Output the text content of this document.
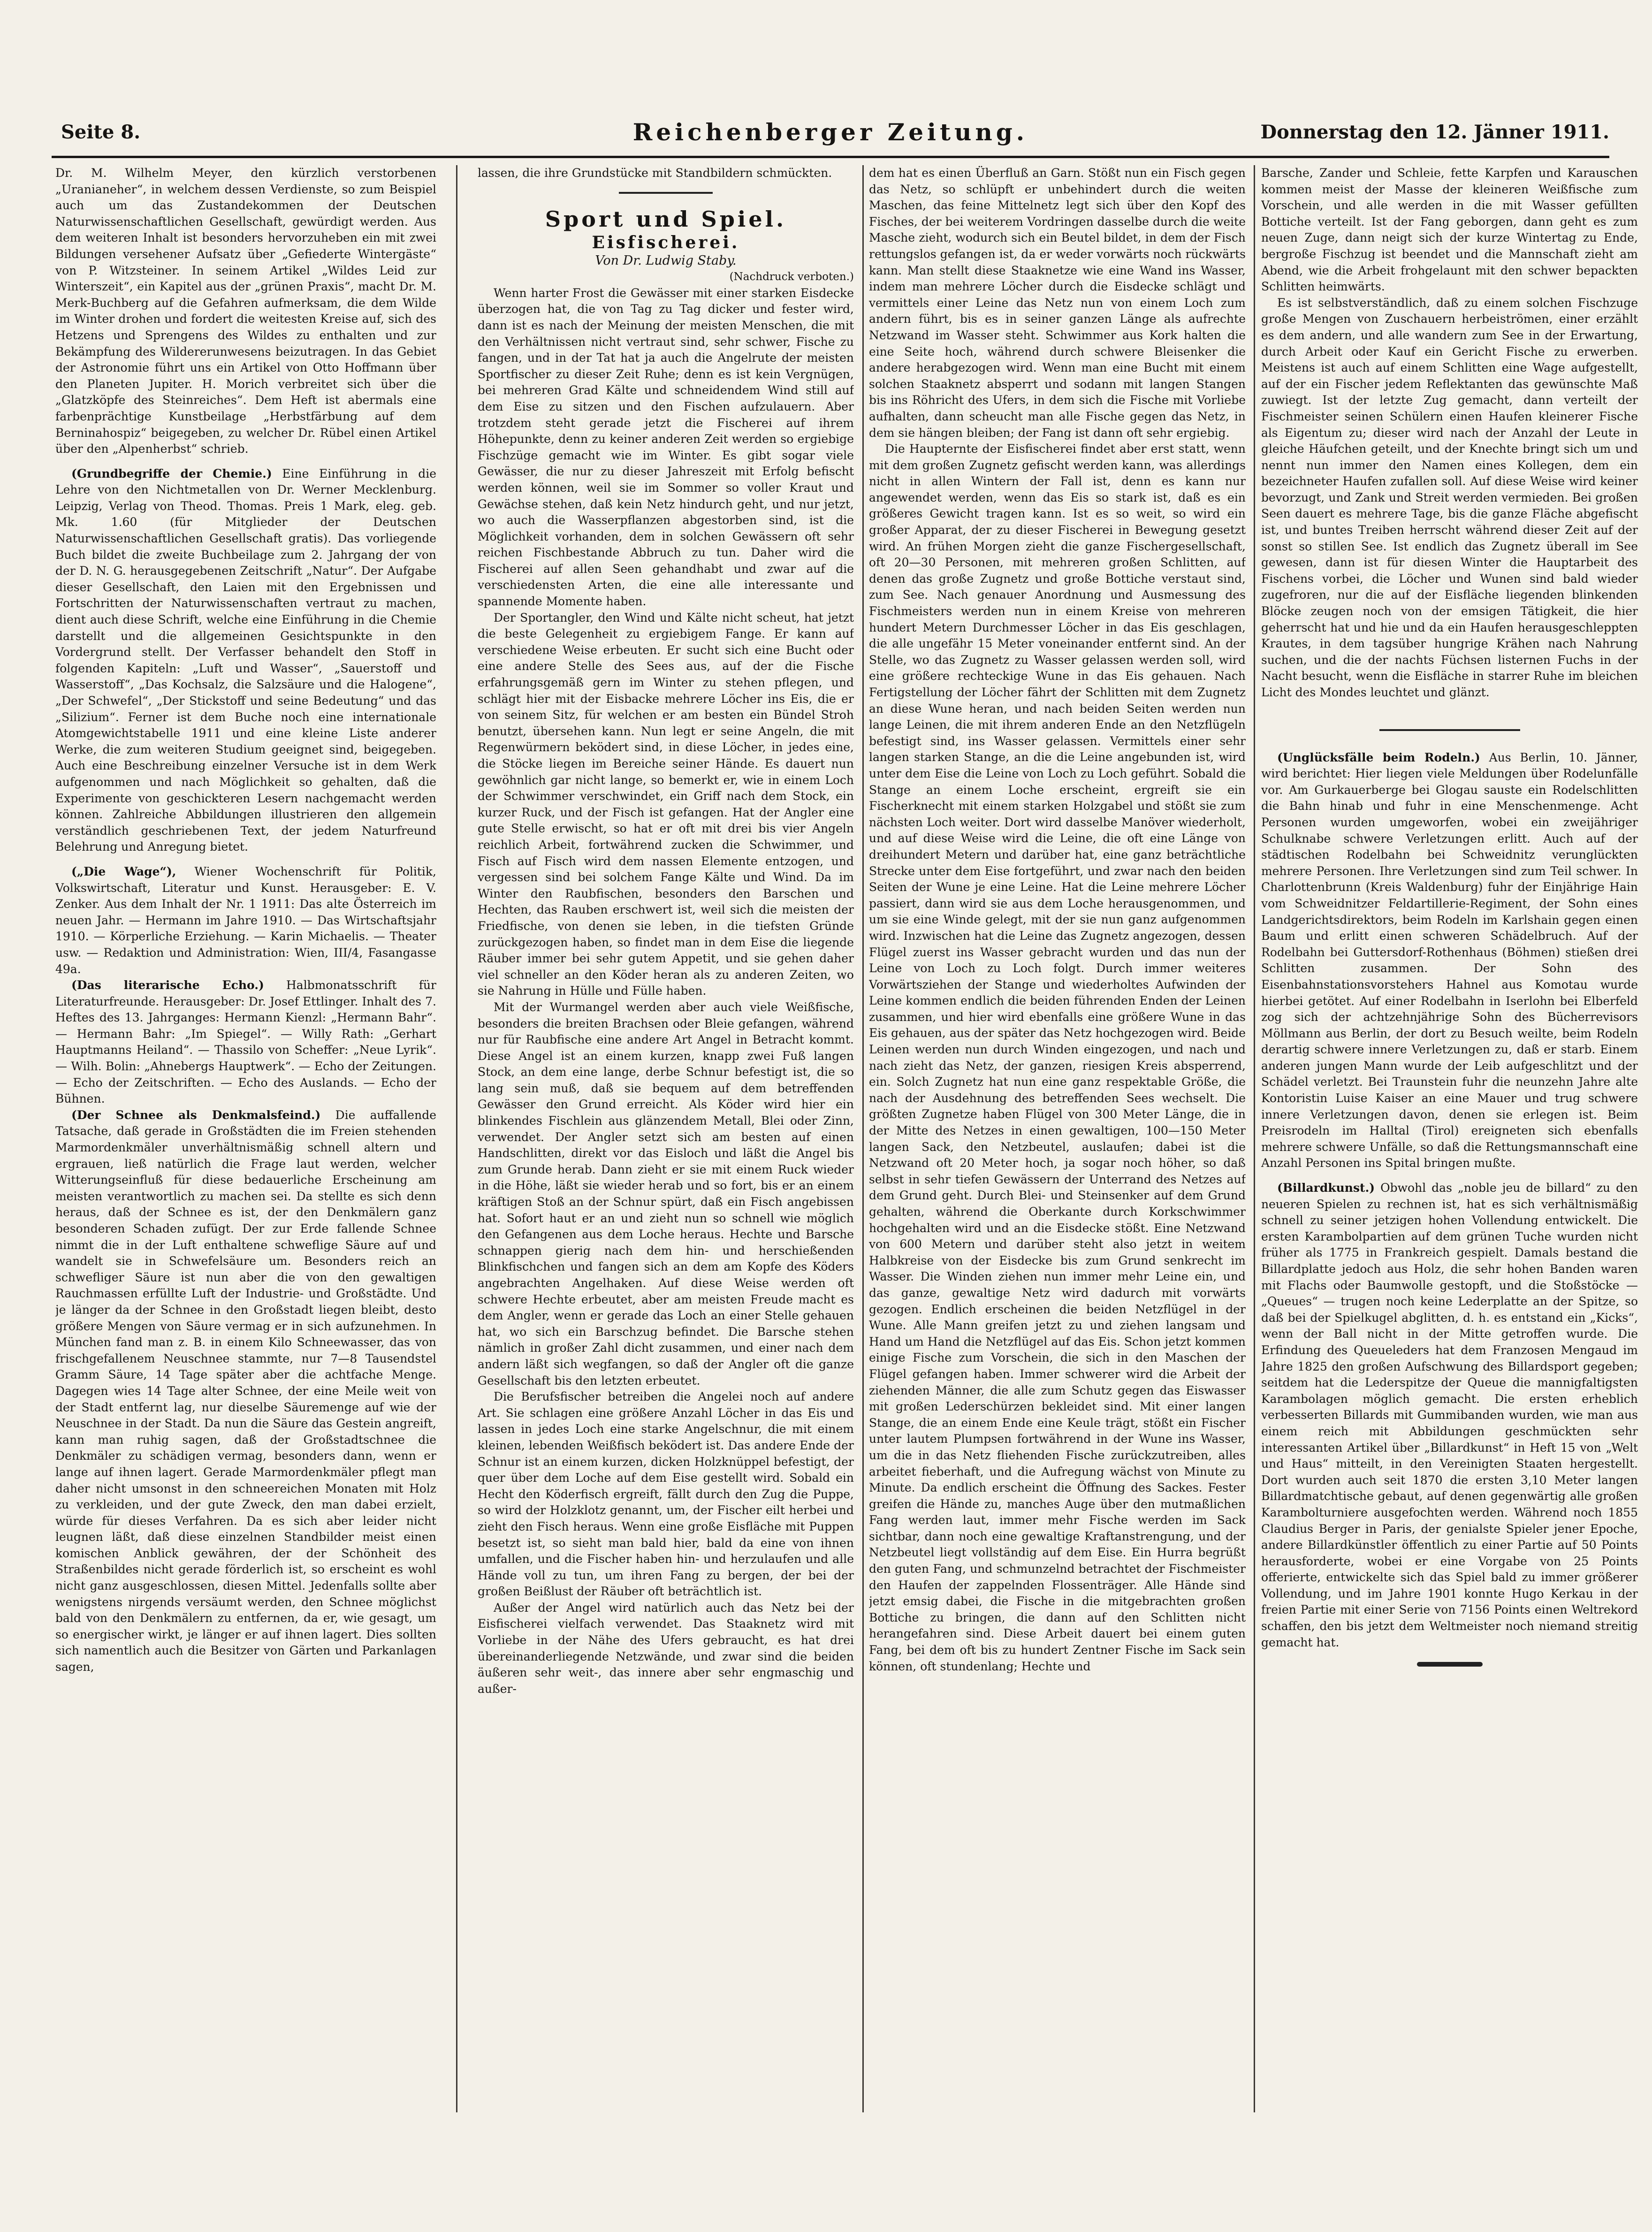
Seite 8.	Reichenberger Zeitung.	Donnerstag den 12. Jänner 1911.

Dr. M. Wilhelm Meyer, den kürzlich verstorbenen „Uranianeher“, in welchem dessen Verdienste, so zum Beispiel auch um das Zustandekommen der Deutschen Naturwissenschaftlichen Gesellschaft, gewürdigt werden. Aus dem weiteren Inhalt ist besonders hervorzuheben ein mit zwei Bildungen versehener Aufsatz über „Gefiederte Wintergäste“ von P. Witzsteiner. In seinem Artikel „Wildes Leid zur Winterszeit“, ein Kapitel aus der „grünen Praxis“, macht Dr. M. Merk-Buchberg auf die Gefahren aufmerksam, die dem Wilde im Winter drohen und fordert die weitesten Kreise auf, sich des Hetzens und Sprengens des Wildes zu enthalten und zur Bekämpfung des Wildererunwesens beizutragen. In das Gebiet der Astronomie führt uns ein Artikel von Otto Hoffmann über den Planeten Jupiter. H. Morich verbreitet sich über die „Glatzköpfe des Steinreiches“. Dem Heft ist abermals eine farbenprächtige Kunstbeilage „Herbstfärbung auf dem Berninahospiz“ beigegeben, zu welcher Dr. Rübel einen Artikel über den „Alpenherbst“ schrieb.

(Grundbegriffe der Chemie.) Eine Einführung in die Lehre von den Nichtmetallen von Dr. Werner Mecklenburg. Leipzig, Verlag von Theod. Thomas. Preis 1 Mark, eleg. geb. Mk. 1.60 (für Mitglieder der Deutschen Naturwissenschaftlichen Gesellschaft gratis). Das vorliegende Buch bildet die zweite Buchbeilage zum 2. Jahrgang der von der D. N. G. herausgegebenen Zeitschrift „Natur“. Der Aufgabe dieser Gesellschaft, den Laien mit den Ergebnissen und Fortschritten der Naturwissenschaften vertraut zu machen, dient auch diese Schrift, welche eine Einführung in die Chemie darstellt und die allgemeinen Gesichtspunkte in den Vordergrund stellt. Der Verfasser behandelt den Stoff in folgenden Kapiteln: „Luft und Wasser“, „Sauerstoff und Wasserstoff“, „Das Kochsalz, die Salzsäure und die Halogene“, „Der Schwefel“, „Der Stickstoff und seine Bedeutung“ und das „Silizium“. Ferner ist dem Buche noch eine internationale Atomgewichtstabelle 1911 und eine kleine Liste anderer Werke, die zum weiteren Studium geeignet sind, beigegeben. Auch eine Beschreibung einzelner Versuche ist in dem Werk aufgenommen und nach Möglichkeit so gehalten, daß die Experimente von geschickteren Lesern nachgemacht werden können. Zahlreiche Abbildungen illustrieren den allgemein verständlich geschriebenen Text, der jedem Naturfreund Belehrung und Anregung bietet.

(„Die Wage“), Wiener Wochenschrift für Politik, Volkswirtschaft, Literatur und Kunst. Herausgeber: E. V. Zenker. Aus dem Inhalt der Nr. 1 1911: Das alte Österreich im neuen Jahr. — Hermann im Jahre 1910. — Das Wirtschaftsjahr 1910. — Körperliche Erziehung. — Karin Michaelis. — Theater usw. — Redaktion und Administration: Wien, III/4, Fasangasse 49a.

(Das literarische Echo.) Halbmonatsschrift für Literaturfreunde. Herausgeber: Dr. Josef Ettlinger. Inhalt des 7. Heftes des 13. Jahrganges: Hermann Kienzl: „Hermann Bahr“. — Hermann Bahr: „Im Spiegel“. — Willy Rath: „Gerhart Hauptmanns Heiland“. — Thassilo von Scheffer: „Neue Lyrik“. — Wilh. Bolin: „Ahnebergs Hauptwerk“. — Echo der Zeitungen. — Echo der Zeitschriften. — Echo des Auslands. — Echo der Bühnen.

(Der Schnee als Denkmalsfeind.) Die auffallende Tatsache, daß gerade in Großstädten die im Freien stehenden Marmordenkmäler unverhältnismäßig schnell altern und ergrauen, ließ natürlich die Frage laut werden, welcher Witterungseinfluß für diese bedauerliche Erscheinung am meisten verantwortlich zu machen sei. Da stellte es sich denn heraus, daß der Schnee es ist, der den Denkmälern ganz besonderen Schaden zufügt. Der zur Erde fallende Schnee nimmt die in der Luft enthaltene schweflige Säure auf und wandelt sie in Schwefelsäure um. Besonders reich an schwefliger Säure ist nun aber die von den gewaltigen Rauchmassen erfüllte Luft der Industrie- und Großstädte. Und je länger da der Schnee in den Großstadt liegen bleibt, desto größere Mengen von Säure vermag er in sich aufzunehmen. In München fand man z. B. in einem Kilo Schneewasser, das von frischgefallenem Neuschnee stammte, nur 7—8 Tausendstel Gramm Säure, 14 Tage später aber die achtfache Menge. Dagegen wies 14 Tage alter Schnee, der eine Meile weit von der Stadt entfernt lag, nur dieselbe Säuremenge auf wie der Neuschnee in der Stadt. Da nun die Säure das Gestein angreift, kann man ruhig sagen, daß der Großstadtschnee die Denkmäler zu schädigen vermag, besonders dann, wenn er lange auf ihnen lagert. Gerade Marmordenkmäler pflegt man daher nicht umsonst in den schneereichen Monaten mit Holz zu verkleiden, und der gute Zweck, den man dabei erzielt, würde für dieses Verfahren. Da es sich aber leider nicht leugnen läßt, daß diese einzelnen Standbilder meist einen komischen Anblick gewähren, der der Schönheit des Straßenbildes nicht gerade förderlich ist, so erscheint es wohl nicht ganz ausgeschlossen, diesen Mittel. Jedenfalls sollte aber wenigstens nirgends versäumt werden, den Schnee möglichst bald von den Denkmälern zu entfernen, da er, wie gesagt, um so energischer wirkt, je länger er auf ihnen lagert. Dies sollten sich namentlich auch die Besitzer von Gärten und Parkanlagen sagen,

lassen, die ihre Grundstücke mit Standbildern schmückten.

Sport und Spiel.

Eisfischerei.

Von Dr. Ludwig Staby.

(Nachdruck verboten.)

Wenn harter Frost die Gewässer mit einer starken Eisdecke überzogen hat, die von Tag zu Tag dicker und fester wird, dann ist es nach der Meinung der meisten Menschen, die mit den Verhältnissen nicht vertraut sind, sehr schwer, Fische zu fangen, und in der Tat hat ja auch die Angelrute der meisten Sportfischer zu dieser Zeit Ruhe; denn es ist kein Vergnügen, bei mehreren Grad Kälte und schneidendem Wind still auf dem Eise zu sitzen und den Fischen aufzulauern. Aber trotzdem steht gerade jetzt die Fischerei auf ihrem Höhepunkte, denn zu keiner anderen Zeit werden so ergiebige Fischzüge gemacht wie im Winter. Es gibt sogar viele Gewässer, die nur zu dieser Jahreszeit mit Erfolg befischt werden können, weil sie im Sommer so voller Kraut und Gewächse stehen, daß kein Netz hindurch geht, und nur jetzt, wo auch die Wasserpflanzen abgestorben sind, ist die Möglichkeit vorhanden, dem in solchen Gewässern oft sehr reichen Fischbestande Abbruch zu tun. Daher wird die Fischerei auf allen Seen gehandhabt und zwar auf die verschiedensten Arten, die eine alle interessante und spannende Momente haben.

Der Sportangler, den Wind und Kälte nicht scheut, hat jetzt die beste Gelegenheit zu ergiebigem Fange. Er kann auf verschiedene Weise erbeuten. Er sucht sich eine Bucht oder eine andere Stelle des Sees aus, auf der die Fische erfahrungsgemäß gern im Winter zu stehen pflegen, und schlägt hier mit der Eisbacke mehrere Löcher ins Eis, die er von seinem Sitz, für welchen er am besten ein Bündel Stroh benutzt, übersehen kann. Nun legt er seine Angeln, die mit Regenwürmern beködert sind, in diese Löcher, in jedes eine, die Stöcke liegen im Bereiche seiner Hände. Es dauert nun gewöhnlich gar nicht lange, so bemerkt er, wie in einem Loch der Schwimmer verschwindet, ein Griff nach dem Stock, ein kurzer Ruck, und der Fisch ist gefangen. Hat der Angler eine gute Stelle erwischt, so hat er oft mit drei bis vier Angeln reichlich Arbeit, fortwährend zucken die Schwimmer, und Fisch auf Fisch wird dem nassen Elemente entzogen, und vergessen sind bei solchem Fange Kälte und Wind. Da im Winter den Raubfischen, besonders den Barschen und Hechten, das Rauben erschwert ist, weil sich die meisten der Friedfische, von denen sie leben, in die tiefsten Gründe zurückgezogen haben, so findet man in dem Eise die liegende Räuber immer bei sehr gutem Appetit, und sie gehen daher viel schneller an den Köder heran als zu anderen Zeiten, wo sie Nahrung in Hülle und Fülle haben.

Mit der Wurmangel werden aber auch viele Weißfische, besonders die breiten Brachsen oder Bleie gefangen, während nur für Raubfische eine andere Art Angel in Betracht kommt. Diese Angel ist an einem kurzen, knapp zwei Fuß langen Stock, an dem eine lange, derbe Schnur befestigt ist, die so lang sein muß, daß sie bequem auf dem betreffenden Gewässer den Grund erreicht. Als Köder wird hier ein blinkendes Fischlein aus glänzendem Metall, Blei oder Zinn, verwendet. Der Angler setzt sich am besten auf einen Handschlitten, direkt vor das Eisloch und läßt die Angel bis zum Grunde herab. Dann zieht er sie mit einem Ruck wieder in die Höhe, läßt sie wieder herab und so fort, bis er an einem kräftigen Stoß an der Schnur spürt, daß ein Fisch angebissen hat. Sofort haut er an und zieht nun so schnell wie möglich den Gefangenen aus dem Loche heraus. Hechte und Barsche schnappen gierig nach dem hin- und herschießenden Blinkfischchen und fangen sich an dem am Kopfe des Köders angebrachten Angelhaken. Auf diese Weise werden oft schwere Hechte erbeutet, aber am meisten Freude macht es dem Angler, wenn er gerade das Loch an einer Stelle gehauen hat, wo sich ein Barschzug befindet. Die Barsche stehen nämlich in großer Zahl dicht zusammen, und einer nach dem andern läßt sich wegfangen, so daß der Angler oft die ganze Gesellschaft bis den letzten erbeutet.

Die Berufsfischer betreiben die Angelei noch auf andere Art. Sie schlagen eine größere Anzahl Löcher in das Eis und lassen in jedes Loch eine starke Angelschnur, die mit einem kleinen, lebenden Weißfisch beködert ist. Das andere Ende der Schnur ist an einem kurzen, dicken Holzknüppel befestigt, der quer über dem Loche auf dem Eise gestellt wird. Sobald ein Hecht den Köderfisch ergreift, fällt durch den Zug die Puppe, so wird der Holzklotz genannt, um, der Fischer eilt herbei und zieht den Fisch heraus. Wenn eine große Eisfläche mit Puppen besetzt ist, so sieht man bald hier, bald da eine von ihnen umfallen, und die Fischer haben hin- und herzulaufen und alle Hände voll zu tun, um ihren Fang zu bergen, der bei der großen Beißlust der Räuber oft beträchtlich ist.

Außer der Angel wird natürlich auch das Netz bei der Eisfischerei vielfach verwendet. Das Staaknetz wird mit Vorliebe in der Nähe des Ufers gebraucht, es hat drei übereinanderliegende Netzwände, und zwar sind die beiden äußeren sehr weit-, das innere aber sehr engmaschig und außer-

dem hat es einen Überfluß an Garn. Stößt nun ein Fisch gegen das Netz, so schlüpft er unbehindert durch die weiten Maschen, das feine Mittelnetz legt sich über den Kopf des Fisches, der bei weiterem Vordringen dasselbe durch die weite Masche zieht, wodurch sich ein Beutel bildet, in dem der Fisch rettungslos gefangen ist, da er weder vorwärts noch rückwärts kann. Man stellt diese Staaknetze wie eine Wand ins Wasser, indem man mehrere Löcher durch die Eisdecke schlägt und vermittels einer Leine das Netz nun von einem Loch zum andern führt, bis es in seiner ganzen Länge als aufrechte Netzwand im Wasser steht. Schwimmer aus Kork halten die eine Seite hoch, während durch schwere Bleisenker die andere herabgezogen wird. Wenn man eine Bucht mit einem solchen Staaknetz absperrt und sodann mit langen Stangen bis ins Röhricht des Ufers, in dem sich die Fische mit Vorliebe aufhalten, dann scheucht man alle Fische gegen das Netz, in dem sie hängen bleiben; der Fang ist dann oft sehr ergiebig.

Die Haupternte der Eisfischerei findet aber erst statt, wenn mit dem großen Zugnetz gefischt werden kann, was allerdings nicht in allen Wintern der Fall ist, denn es kann nur angewendet werden, wenn das Eis so stark ist, daß es ein größeres Gewicht tragen kann. Ist es so weit, so wird ein großer Apparat, der zu dieser Fischerei in Bewegung gesetzt wird. An frühen Morgen zieht die ganze Fischergesellschaft, oft 20—30 Personen, mit mehreren großen Schlitten, auf denen das große Zugnetz und große Bottiche verstaut sind, zum See. Nach genauer Anordnung und Ausmessung des Fischmeisters werden nun in einem Kreise von mehreren hundert Metern Durchmesser Löcher in das Eis geschlagen, die alle ungefähr 15 Meter voneinander entfernt sind. An der Stelle, wo das Zugnetz zu Wasser gelassen werden soll, wird eine größere rechteckige Wune in das Eis gehauen. Nach Fertigstellung der Löcher fährt der Schlitten mit dem Zugnetz an diese Wune heran, und nach beiden Seiten werden nun lange Leinen, die mit ihrem anderen Ende an den Netzflügeln befestigt sind, ins Wasser gelassen. Vermittels einer sehr langen starken Stange, an die die Leine angebunden ist, wird unter dem Eise die Leine von Loch zu Loch geführt. Sobald die Stange an einem Loche erscheint, ergreift sie ein Fischerknecht mit einem starken Holzgabel und stößt sie zum nächsten Loch weiter. Dort wird dasselbe Manöver wiederholt, und auf diese Weise wird die Leine, die oft eine Länge von dreihundert Metern und darüber hat, eine ganz beträchtliche Strecke unter dem Eise fortgeführt, und zwar nach den beiden Seiten der Wune je eine Leine. Hat die Leine mehrere Löcher passiert, dann wird sie aus dem Loche herausgenommen, und um sie eine Winde gelegt, mit der sie nun ganz aufgenommen wird. Inzwischen hat die Leine das Zugnetz angezogen, dessen Flügel zuerst ins Wasser gebracht wurden und das nun der Leine von Loch zu Loch folgt. Durch immer weiteres Vorwärtsziehen der Stange und wiederholtes Aufwinden der Leine kommen endlich die beiden führenden Enden der Leinen zusammen, und hier wird ebenfalls eine größere Wune in das Eis gehauen, aus der später das Netz hochgezogen wird. Beide Leinen werden nun durch Winden eingezogen, und nach und nach zieht das Netz, der ganzen, riesigen Kreis absperrend, ein. Solch Zugnetz hat nun eine ganz respektable Größe, die nach der Ausdehnung des betreffenden Sees wechselt. Die größten Zugnetze haben Flügel von 300 Meter Länge, die in der Mitte des Netzes in einen gewaltigen, 100—150 Meter langen Sack, den Netzbeutel, auslaufen; dabei ist die Netzwand oft 20 Meter hoch, ja sogar noch höher, so daß selbst in sehr tiefen Gewässern der Unterrand des Netzes auf dem Grund geht. Durch Blei- und Steinsenker auf dem Grund gehalten, während die Oberkante durch Korkschwimmer hochgehalten wird und an die Eisdecke stößt. Eine Netzwand von 600 Metern und darüber steht also jetzt in weitem Halbkreise von der Eisdecke bis zum Grund senkrecht im Wasser. Die Winden ziehen nun immer mehr Leine ein, und das ganze, gewaltige Netz wird dadurch mit vorwärts gezogen. Endlich erscheinen die beiden Netzflügel in der Wune. Alle Mann greifen jetzt zu und ziehen langsam und Hand um Hand die Netzflügel auf das Eis. Schon jetzt kommen einige Fische zum Vorschein, die sich in den Maschen der Flügel gefangen haben. Immer schwerer wird die Arbeit der ziehenden Männer, die alle zum Schutz gegen das Eiswasser mit großen Lederschürzen bekleidet sind. Mit einer langen Stange, die an einem Ende eine Keule trägt, stößt ein Fischer unter lautem Plumpsen fortwährend in der Wune ins Wasser, um die in das Netz fliehenden Fische zurückzutreiben, alles arbeitet fieberhaft, und die Aufregung wächst von Minute zu Minute. Da endlich erscheint die Öffnung des Sackes. Fester greifen die Hände zu, manches Auge über den mutmaßlichen Fang werden laut, immer mehr Fische werden im Sack sichtbar, dann noch eine gewaltige Kraftanstrengung, und der Netzbeutel liegt vollständig auf dem Eise. Ein Hurra begrüßt den guten Fang, und schmunzelnd betrachtet der Fischmeister den Haufen der zappelnden Flossenträger. Alle Hände sind jetzt emsig dabei, die Fische in die mitgebrachten großen Bottiche zu bringen, die dann auf den Schlitten nicht herangefahren sind. Diese Arbeit dauert bei einem guten Fang, bei dem oft bis zu hundert Zentner Fische im Sack sein können, oft stundenlang; Hechte und

Barsche, Zander und Schleie, fette Karpfen und Karauschen kommen meist der Masse der kleineren Weißfische zum Vorschein, und alle werden in die mit Wasser gefüllten Bottiche verteilt. Ist der Fang geborgen, dann geht es zum neuen Zuge, dann neigt sich der kurze Wintertag zu Ende, bergroße Fischzug ist beendet und die Mannschaft zieht am Abend, wie die Arbeit frohgelaunt mit den schwer bepackten Schlitten heimwärts.

Es ist selbstverständlich, daß zu einem solchen Fischzuge große Mengen von Zuschauern herbeiströmen, einer erzählt es dem andern, und alle wandern zum See in der Erwartung, durch Arbeit oder Kauf ein Gericht Fische zu erwerben. Meistens ist auch auf einem Schlitten eine Wage aufgestellt, auf der ein Fischer jedem Reflektanten das gewünschte Maß zuwiegt. Ist der letzte Zug gemacht, dann verteilt der Fischmeister seinen Schülern einen Haufen kleinerer Fische als Eigentum zu; dieser wird nach der Anzahl der Leute in gleiche Häufchen geteilt, und der Knechte bringt sich um und nennt nun immer den Namen eines Kollegen, dem ein bezeichneter Haufen zufallen soll. Auf diese Weise wird keiner bevorzugt, und Zank und Streit werden vermieden. Bei großen Seen dauert es mehrere Tage, bis die ganze Fläche abgefischt ist, und buntes Treiben herrscht während dieser Zeit auf der sonst so stillen See. Ist endlich das Zugnetz überall im See gewesen, dann ist für diesen Winter die Hauptarbeit des Fischens vorbei, die Löcher und Wunen sind bald wieder zugefroren, nur die auf der Eisfläche liegenden blinkenden Blöcke zeugen noch von der emsigen Tätigkeit, die hier geherrscht hat und hie und da ein Haufen herausgeschleppten Krautes, in dem tagsüber hungrige Krähen nach Nahrung suchen, und die der nachts Füchsen listernen Fuchs in der Nacht besucht, wenn die Eisfläche in starrer Ruhe im bleichen Licht des Mondes leuchtet und glänzt.

(Unglücksfälle beim Rodeln.) Aus Berlin, 10. Jänner, wird berichtet: Hier liegen viele Meldungen über Rodelunfälle vor. Am Gurkauerberge bei Glogau sauste ein Rodelschlitten die Bahn hinab und fuhr in eine Menschenmenge. Acht Personen wurden umgeworfen, wobei ein zweijähriger Schulknabe schwere Verletzungen erlitt. Auch auf der städtischen Rodelbahn bei Schweidnitz verunglückten mehrere Personen. Ihre Verletzungen sind zum Teil schwer. In Charlottenbrunn (Kreis Waldenburg) fuhr der Einjährige Hain vom Schweidnitzer Feldartillerie-Regiment, der Sohn eines Landgerichtsdirektors, beim Rodeln im Karlshain gegen einen Baum und erlitt einen schweren Schädelbruch. Auf der Rodelbahn bei Guttersdorf-Rothenhaus (Böhmen) stießen drei Schlitten zusammen. Der Sohn des Eisenbahnstationsvorstehers Hahnel aus Komotau wurde hierbei getötet. Auf einer Rodelbahn in Iserlohn bei Elberfeld zog sich der achtzehnjährige Sohn des Bücherrevisors Möllmann aus Berlin, der dort zu Besuch weilte, beim Rodeln derartig schwere innere Verletzungen zu, daß er starb. Einem anderen jungen Mann wurde der Leib aufgeschlitzt und der Schädel verletzt. Bei Traunstein fuhr die neunzehn Jahre alte Kontoristin Luise Kaiser an eine Mauer und trug schwere innere Verletzungen davon, denen sie erlegen ist. Beim Preisrodeln im Halltal (Tirol) ereigneten sich ebenfalls mehrere schwere Unfälle, so daß die Rettungsmannschaft eine Anzahl Personen ins Spital bringen mußte.

(Billardkunst.) Obwohl das „noble jeu de billard“ zu den neueren Spielen zu rechnen ist, hat es sich verhältnismäßig schnell zu seiner jetzigen hohen Vollendung entwickelt. Die ersten Karambolpartien auf dem grünen Tuche wurden nicht früher als 1775 in Frankreich gespielt. Damals bestand die Billardplatte jedoch aus Holz, die sehr hohen Banden waren mit Flachs oder Baumwolle gestopft, und die Stoßstöcke — „Queues“ — trugen noch keine Lederplatte an der Spitze, so daß bei der Spielkugel abglitten, d. h. es entstand ein „Kicks“, wenn der Ball nicht in der Mitte getroffen wurde. Die Erfindung des Queueleders hat dem Franzosen Mengaud im Jahre 1825 den großen Aufschwung des Billardsport gegeben; seitdem hat die Lederspitze der Queue die mannigfaltigsten Karambolagen möglich gemacht. Die ersten erheblich verbesserten Billards mit Gummibanden wurden, wie man aus einem reich mit Abbildungen geschmückten sehr interessanten Artikel über „Billardkunst“ in Heft 15 von „Welt und Haus“ mitteilt, in den Vereinigten Staaten hergestellt. Dort wurden auch seit 1870 die ersten 3,10 Meter langen Billardmatchtische gebaut, auf denen gegenwärtig alle großen Karambolturniere ausgefochten werden. Während noch 1855 Claudius Berger in Paris, der genialste Spieler jener Epoche, andere Billardkünstler öffentlich zu einer Partie auf 50 Points herausforderte, wobei er eine Vorgabe von 25 Points offerierte, entwickelte sich das Spiel bald zu immer größerer Vollendung, und im Jahre 1901 konnte Hugo Kerkau in der freien Partie mit einer Serie von 7156 Points einen Weltrekord schaffen, den bis jetzt dem Weltmeister noch niemand streitig gemacht hat.
